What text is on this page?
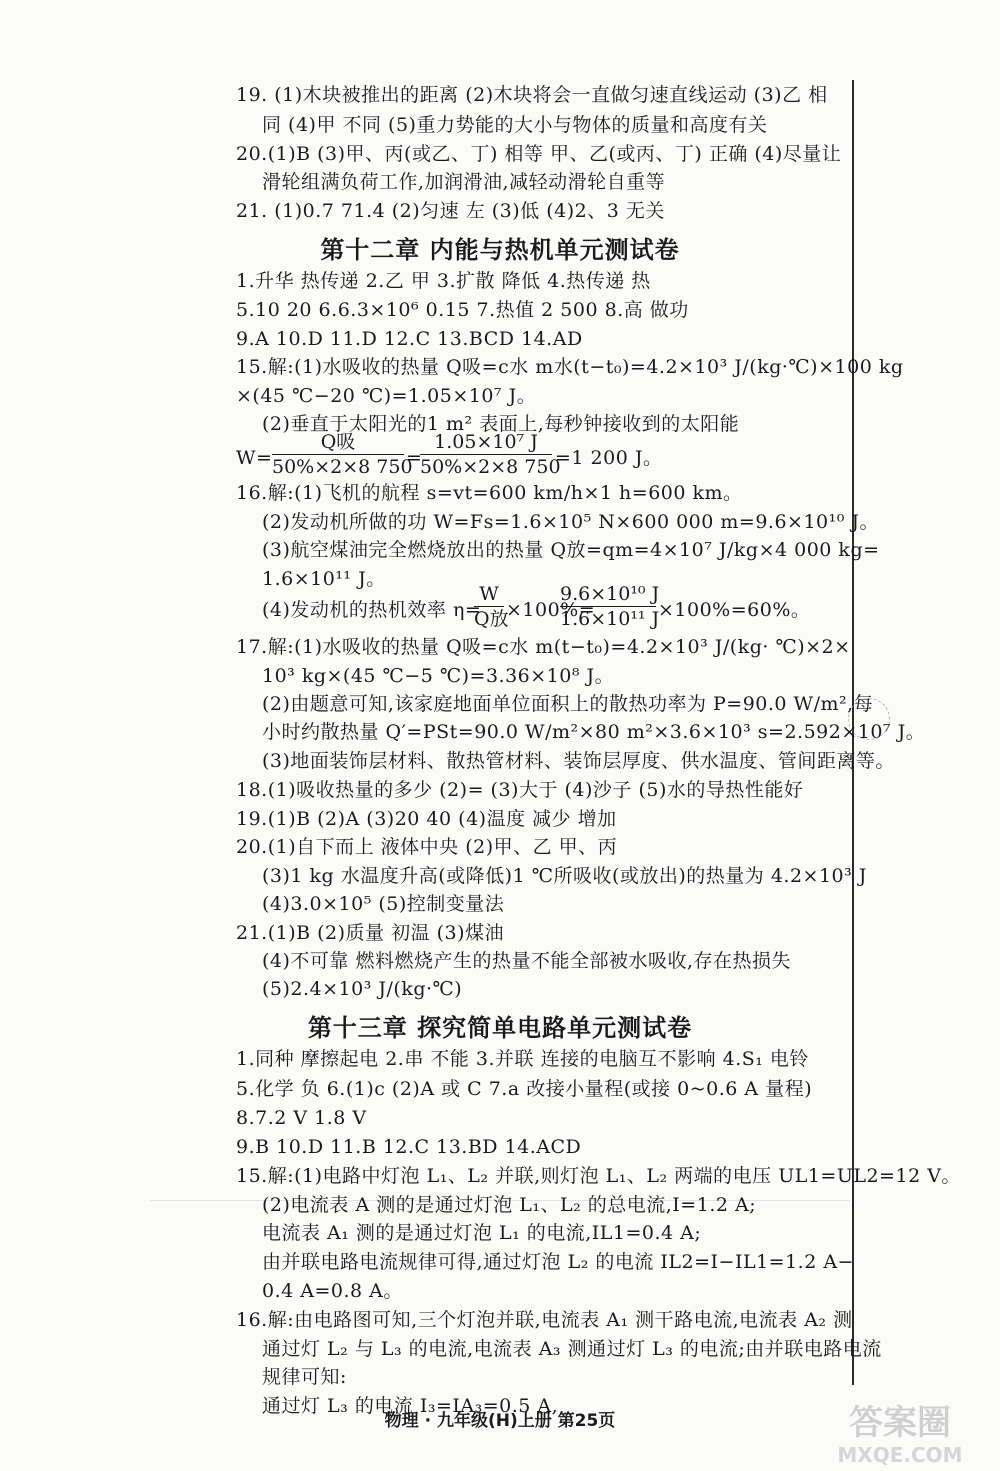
19. (1)木块被推出的距离 (2)木块将会一直做匀速直线运动 (3)乙 相
同 (4)甲 不同 (5)重力势能的大小与物体的质量和高度有关
20.(1)B (3)甲、丙(或乙、丁) 相等 甲、乙(或丙、丁) 正确 (4)尽量让
滑轮组满负荷工作,加润滑油,减轻动滑轮自重等
21. (1)0.7 71.4 (2)匀速 左 (3)低 (4)2、3 无关
第十二章 内能与热机单元测试卷
1.升华 热传递 2.乙 甲 3.扩散 降低 4.热传递 热
5.10 20 6.6.3×10⁶ 0.15 7.热值 2 500 8.高 做功
9.A 10.D 11.D 12.C 13.BCD 14.AD
15.解:(1)水吸收的热量 Q吸=c水 m水(t−t₀)=4.2×10³ J/(kg·℃)×100 kg
×(45 ℃−20 ℃)=1.05×10⁷ J。
(2)垂直于太阳光的1 m² 表面上,每秒钟接收到的太阳能
W=
Q吸
50%×2×8 750
=
$\frac{\text{1.05×10⁷ J}}{50\%\times 2\times 8 750} =1$ 200 J。
16.解:(1)飞机的航程 s=vt=600 km/h×1 h=600 km。
(2)发动机所做的功 W=Fs=1.6×10⁵ N×600 000 m=9.6×10¹⁰ J。
(3)航空煤油完全燃烧放出的热量 Q放=qm=4×10⁷ J/kg×4 000 kg=
1.6×10¹¹ J。
(4)发动机的热机效率 η=
W
Q放
×100%=
$\frac{\text{9.6×10¹⁰ J}}{\text{1.6×10¹¹ J}} \times 100\%=60\%$。
17.解:(1)水吸收的热量 Q吸=c水 m(t−t₀)=4.2×10³ J/(kg· ℃)×2×
10³ kg×(45 ℃−5 ℃)=3.36×10⁸ J。
(2)由题意可知,该家庭地面单位面积上的散热功率为 P=90.0 W/m²,每
小时约散热量 Q′=PSt=90.0 W/m²×80 m²×3.6×10³ s=2.592×10⁷ J。
(3)地面装饰层材料、散热管材料、装饰层厚度、供水温度、管间距离等。
18.(1)吸收热量的多少 (2)= (3)大于 (4)沙子 (5)水的导热性能好
19.(1)B (2)A (3)20 40 (4)温度 减少 增加
20.(1)自下而上 液体中央 (2)甲、乙 甲、丙
(3)1 kg 水温度升高(或降低)1 ℃所吸收(或放出)的热量为 4.2×10³ J
(4)3.0×10⁵ (5)控制变量法
21.(1)B (2)质量 初温 (3)煤油
(4)不可靠 燃料燃烧产生的热量不能全部被水吸收,存在热损失
(5)2.4×10³ J/(kg·℃)
第十三章 探究简单电路单元测试卷
1.同种 摩擦起电 2.串 不能 3.并联 连接的电脑互不影响 4.S₁ 电铃
5.化学 负 6.(1)c (2)A 或 C 7.a 改接小量程(或接 0~0.6 A 量程)
8.7.2 V 1.8 V
9.B 10.D 11.B 12.C 13.BD 14.ACD
15.解:(1)电路中灯泡 L₁、L₂ 并联,则灯泡 L₁、L₂ 两端的电压 UL1=UL2=12 V。
(2)电流表 A 测的是通过灯泡 L₁、L₂ 的总电流,I=1.2 A;
电流表 A₁ 测的是通过灯泡 L₁ 的电流,IL1=0.4 A;
由并联电路电流规律可得,通过灯泡 L₂ 的电流 IL2=I−IL1=1.2 A−
0.4 A=0.8 A。
16.解:由电路图可知,三个灯泡并联,电流表 A₁ 测干路电流,电流表 A₂ 测
通过灯 L₂ 与 L₃ 的电流,电流表 A₃ 测通过灯 L₃ 的电流;由并联电路电流
规律可知:
通过灯 L₃ 的电流 I₃=IA₃=0.5 A,
物理 · 九年级(H)上册 第25页	答案圈
MXQE.COM
